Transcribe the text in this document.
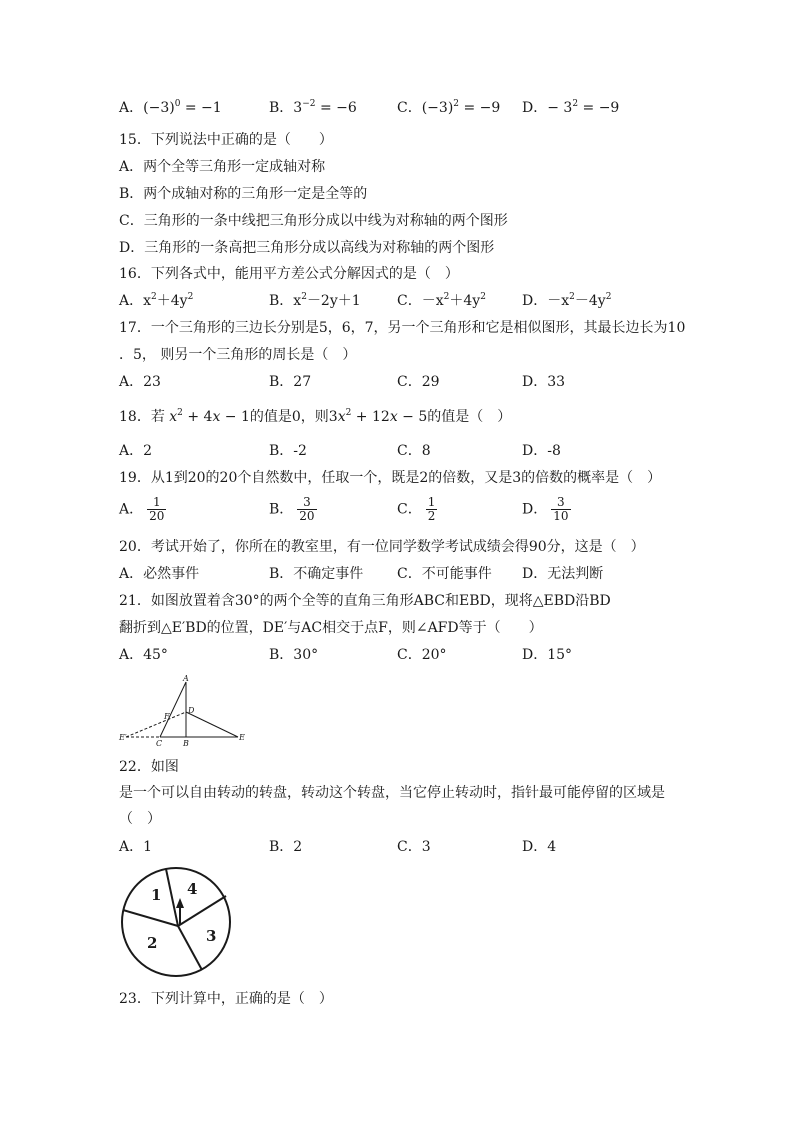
A．$(-3)^0 = -1$	B．$3^{-2} = -6$	C．$(-3)^2 = -9$ D．− $3^2 = -9$
15．下列说法中正确的是（　　）
A．两个全等三角形一定成轴对称
B．两个成轴对称的三角形一定是全等的
C．三角形的一条中线把三角形分成以中线为对称轴的两个图形
D．三角形的一条高把三角形分成以高线为对称轴的两个图形
16．下列各式中，能用平方差公式分解因式的是（　）
A．$x^2+4y^2$	B．$x^2-2y+1$	C．$-x^2+4y^2$	D．$-x^2-4y^2$
17．一个三角形的三边长分别是5，6，7，另一个三角形和它是相似图形，其最长边长为10
．5， 则另一个三角形的周长是（　）
A．23	B．27	C．29	D．33
18．若 $x^2 + 4x - 1$的值是0，则$3x^2 + 12x - 5$的值是（　）
A．2	B．-2	C．8	D．-8
19．从1到20的20个自然数中，任取一个，既是2的倍数，又是3的倍数的概率是（　）
A． $\frac{1}{20}$	B． $\frac{3}{20}$	C． $\frac{1}{2}$	D． $\frac{3}{10}$
20．考试开始了，你所在的教室里，有一位同学数学考试成绩会得90分，这是（　）
A．必然事件	B．不确定事件 C．不可能事件 D．无法判断
21．如图放置着含30°的两个全等的直角三角形ABC和EBD，现将△EBD沿BD
翻折到△E′BD的位置，DE′与AC相交于点F，则∠AFD等于（　　）
A．45°	B．30°	C．20°	D．15°
A
D
F
E′
C	B
E
22．如图
是一个可以自由转动的转盘，转动这个转盘，当它停止转动时，指针最可能停留的区域是
（　）
A．1	B．2	C．3	D．4
1
2	3
4
23．下列计算中，正确的是（　）
